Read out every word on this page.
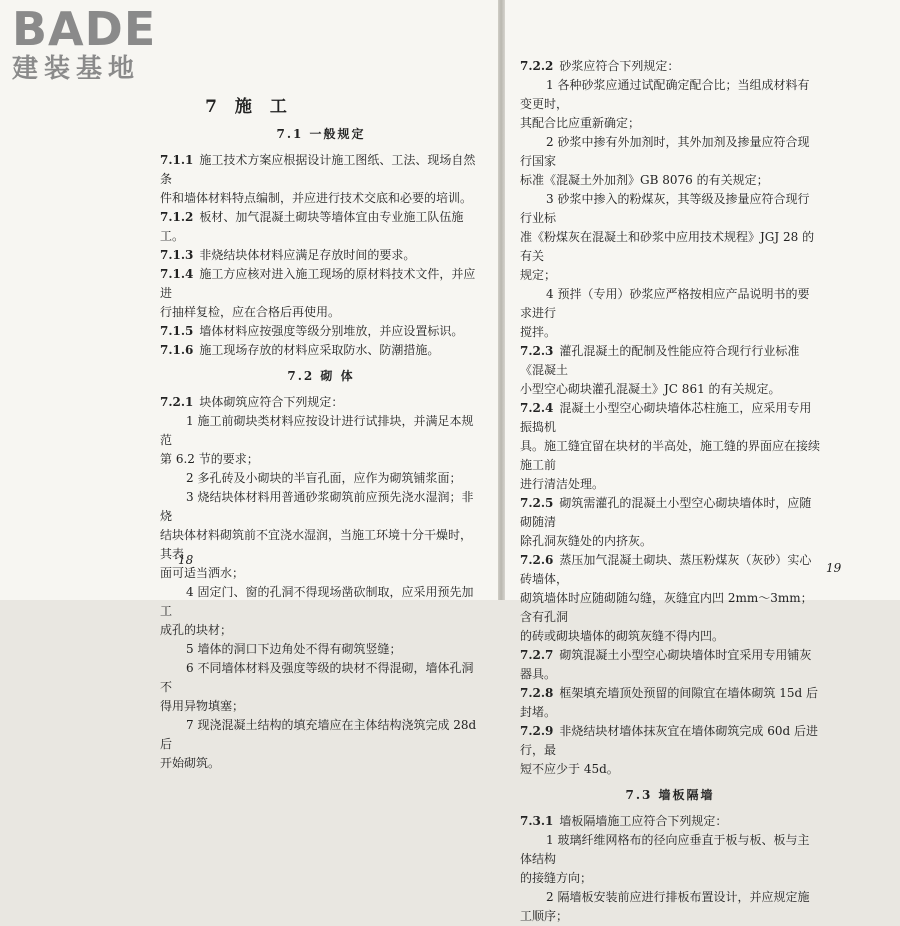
BADE
建装基地
7 施 工
7.1 一般规定

7.1.1 施工技术方案应根据设计施工图纸、工法、现场自然条

件和墙体材料特点编制，并应进行技术交底和必要的培训。

7.1.2 板材、加气混凝土砌块等墙体宜由专业施工队伍施工。

7.1.3 非烧结块体材料应满足存放时间的要求。

7.1.4 施工方应核对进入施工现场的原材料技术文件，并应进

行抽样复检，应在合格后再使用。

7.1.5 墙体材料应按强度等级分别堆放，并应设置标识。

7.1.6 施工现场存放的材料应采取防水、防潮措施。

7.2 砌 体

7.2.1 块体砌筑应符合下列规定：

1 施工前砌块类材料应按设计进行试排块，并满足本规范

第 6.2 节的要求；

2 多孔砖及小砌块的半盲孔面，应作为砌筑铺浆面；

3 烧结块体材料用普通砂浆砌筑前应预先浇水湿润；非烧

结块体材料砌筑前不宜浇水湿润，当施工环境十分干燥时，其表

面可适当洒水；

4 固定门、窗的孔洞不得现场凿砍制取，应采用预先加工

成孔的块材；

5 墙体的洞口下边角处不得有砌筑竖缝；

6 不同墙体材料及强度等级的块材不得混砌，墙体孔洞不

得用异物填塞；

7 现浇混凝土结构的填充墙应在主体结构浇筑完成 28d 后

开始砌筑。

18

7.2.2 砂浆应符合下列规定：

1 各种砂浆应通过试配确定配合比；当组成材料有变更时，

其配合比应重新确定；

2 砂浆中掺有外加剂时，其外加剂及掺量应符合现行国家

标准《混凝土外加剂》GB 8076 的有关规定；

3 砂浆中掺入的粉煤灰，其等级及掺量应符合现行行业标

准《粉煤灰在混凝土和砂浆中应用技术规程》JGJ 28 的有关

规定；

4 预拌（专用）砂浆应严格按相应产品说明书的要求进行

搅拌。

7.2.3 灌孔混凝土的配制及性能应符合现行行业标准《混凝土

小型空心砌块灌孔混凝土》JC 861 的有关规定。

7.2.4 混凝土小型空心砌块墙体芯柱施工，应采用专用振捣机

具。施工缝宜留在块材的半高处，施工缝的界面应在接续施工前

进行清洁处理。

7.2.5 砌筑需灌孔的混凝土小型空心砌块墙体时，应随砌随清

除孔洞灰缝处的内挤灰。

7.2.6 蒸压加气混凝土砌块、蒸压粉煤灰（灰砂）实心砖墙体，

砌筑墙体时应随砌随勾缝，灰缝宜内凹 2mm～3mm；含有孔洞

的砖或砌块墙体的砌筑灰缝不得内凹。

7.2.7 砌筑混凝土小型空心砌块墙体时宜采用专用铺灰器具。

7.2.8 框架填充墙顶处预留的间隙宜在墙体砌筑 15d 后封堵。

7.2.9 非烧结块材墙体抹灰宜在墙体砌筑完成 60d 后进行，最

短不应少于 45d。

7.3 墙板隔墙

7.3.1 墙板隔墙施工应符合下列规定：

1 玻璃纤维网格布的径向应垂直于板与板、板与主体结构

的接缝方向；

2 隔墙板安装前应进行排板布置设计，并应规定施工顺序；

19
